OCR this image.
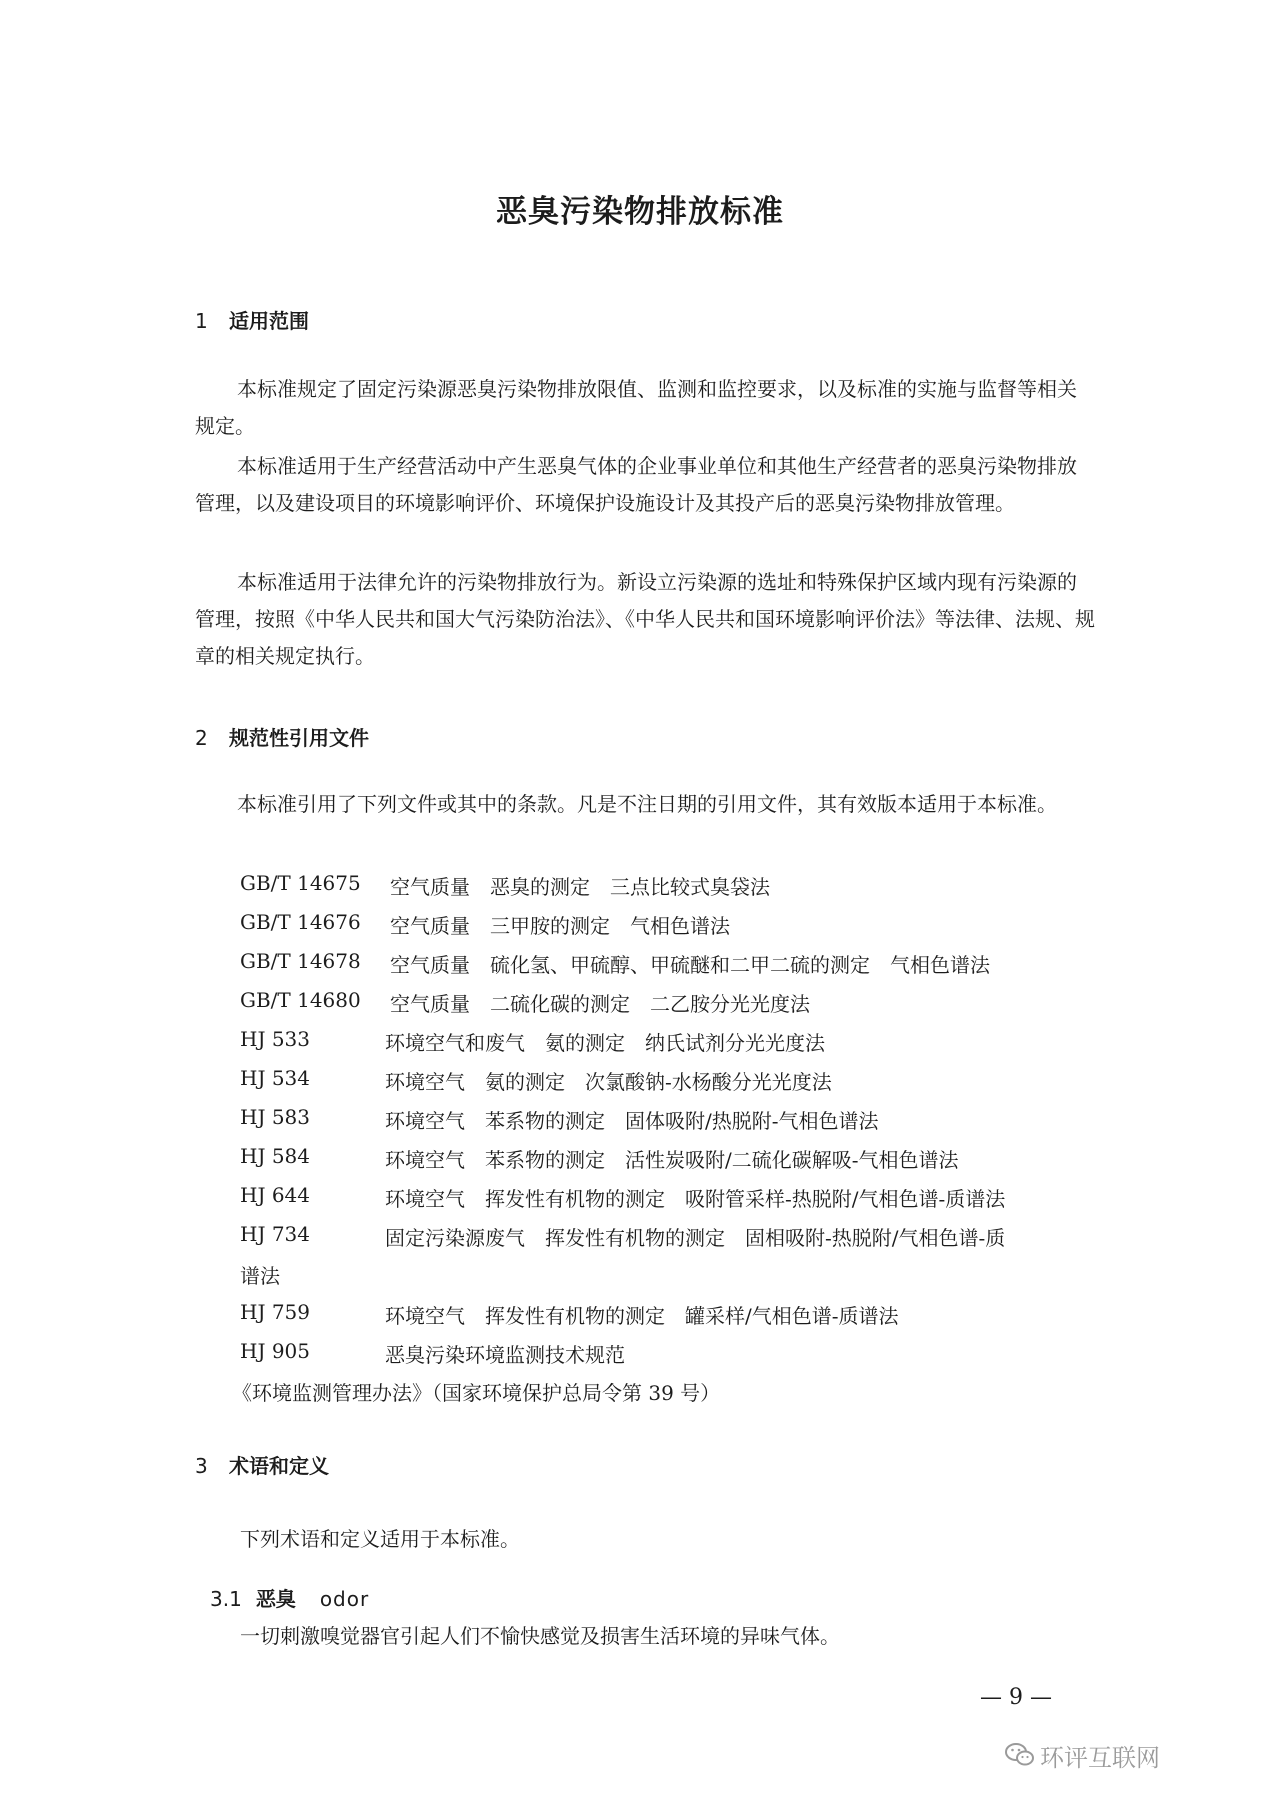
恶臭污染物排放标准
1 适用范围
本标准规定了固定污染源恶臭污染物排放限值、监测和监控要求，以及标准的实施与监督等相关规定。
本标准适用于生产经营活动中产生恶臭气体的企业事业单位和其他生产经营者的恶臭污染物排放管理，以及建设项目的环境影响评价、环境保护设施设计及其投产后的恶臭污染物排放管理。
本标准适用于法律允许的污染物排放行为。新设立污染源的选址和特殊保护区域内现有污染源的管理，按照《中华人民共和国大气污染防治法》、《中华人民共和国环境影响评价法》等法律、法规、规章的相关规定执行。
2 规范性引用文件
本标准引用了下列文件或其中的条款。凡是不注日期的引用文件，其有效版本适用于本标准。
GB/T 14675 空气质量　恶臭的测定　三点比较式臭袋法
GB/T 14676 空气质量　三甲胺的测定　气相色谱法
GB/T 14678 空气质量　硫化氢、甲硫醇、甲硫醚和二甲二硫的测定　气相色谱法
GB/T 14680 空气质量　二硫化碳的测定　二乙胺分光光度法
HJ 533	环境空气和废气　氨的测定　纳氏试剂分光光度法
HJ 534	环境空气　氨的测定　次氯酸钠-水杨酸分光光度法
HJ 583	环境空气　苯系物的测定　固体吸附/热脱附-气相色谱法
HJ 584	环境空气　苯系物的测定　活性炭吸附/二硫化碳解吸-气相色谱法
HJ 644	环境空气　挥发性有机物的测定　吸附管采样-热脱附/气相色谱-质谱法
HJ 734	固定污染源废气　挥发性有机物的测定　固相吸附-热脱附/气相色谱-质
谱法
HJ 759	环境空气　挥发性有机物的测定　罐采样/气相色谱-质谱法
HJ 905	恶臭污染环境监测技术规范
《环境监测管理办法》（国家环境保护总局令第 39 号）
3 术语和定义
下列术语和定义适用于本标准。
3.1 恶臭 odor
一切刺激嗅觉器官引起人们不愉快感觉及损害生活环境的异味气体。
— 9 —
环评互联网
